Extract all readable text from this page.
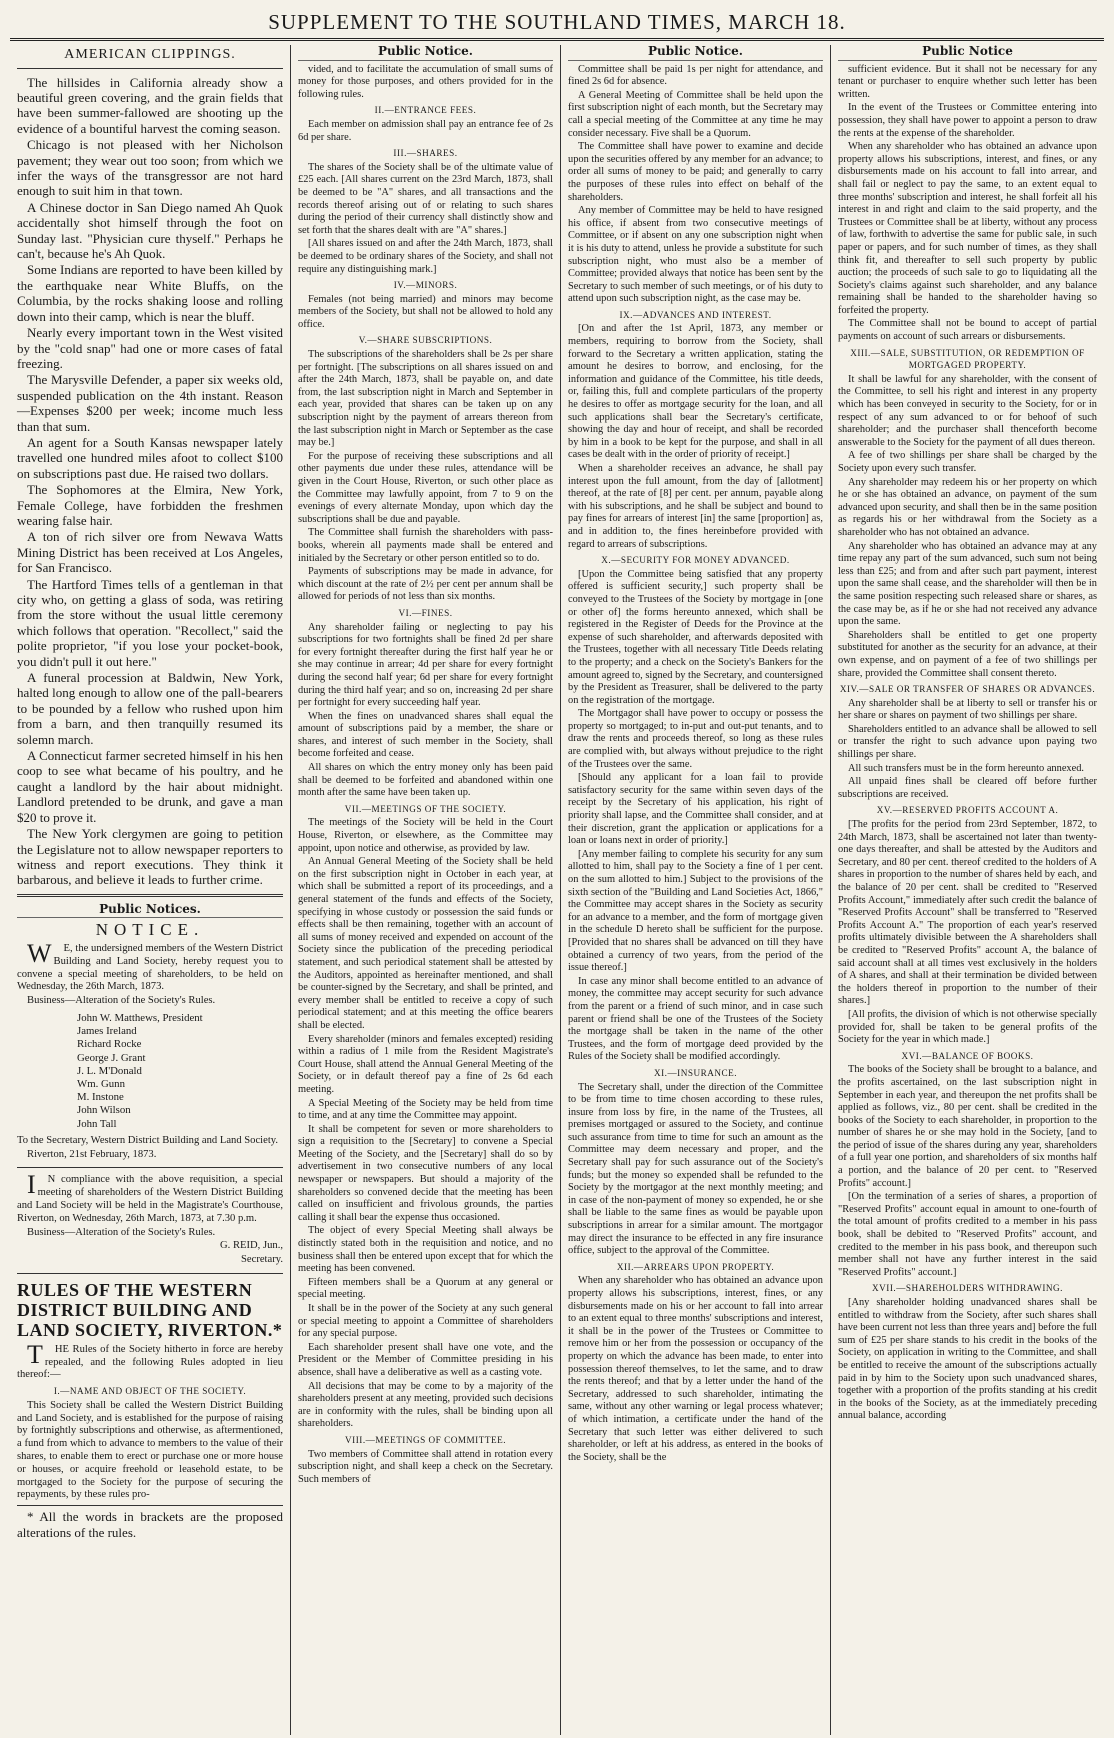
SUPPLEMENT TO THE SOUTHLAND TIMES, MARCH 18.
AMERICAN CLIPPINGS.

The hillsides in California already show a beautiful green covering, and the grain fields that have been summer-fallowed are shooting up the evidence of a bountiful harvest the coming season.

Chicago is not pleased with her Nicholson pavement; they wear out too soon; from which we infer the ways of the transgressor are not hard enough to suit him in that town.

A Chinese doctor in San Diego named Ah Quok accidentally shot himself through the foot on Sunday last. "Physician cure thyself." Perhaps he can't, because he's Ah Quok.

Some Indians are reported to have been killed by the earthquake near White Bluffs, on the Columbia, by the rocks shaking loose and rolling down into their camp, which is near the bluff.

Nearly every important town in the West visited by the "cold snap" had one or more cases of fatal freezing.

The Marysville Defender, a paper six weeks old, suspended publication on the 4th instant. Reason—Expenses $200 per week; income much less than that sum.

An agent for a South Kansas newspaper lately travelled one hundred miles afoot to collect $100 on subscriptions past due. He raised two dollars.

The Sophomores at the Elmira, New York, Female College, have forbidden the freshmen wearing false hair.

A ton of rich silver ore from Newava Watts Mining District has been received at Los Angeles, for San Francisco.

The Hartford Times tells of a gentleman in that city who, on getting a glass of soda, was retiring from the store without the usual little ceremony which follows that operation. "Recollect," said the polite proprietor, "if you lose your pocket-book, you didn't pull it out here."

A funeral procession at Baldwin, New York, halted long enough to allow one of the pall-bearers to be pounded by a fellow who rushed upon him from a barn, and then tranquilly resumed its solemn march.

A Connecticut farmer secreted himself in his hen coop to see what became of his poultry, and he caught a landlord by the hair about midnight. Landlord pretended to be drunk, and gave a man $20 to prove it.

The New York clergymen are going to petition the Legislature not to allow newspaper reporters to witness and report executions. They think it barbarous, and believe it leads to further crime.

Public Notices.
NOTICE.

WE, the undersigned members of the Western District Building and Land Society, hereby request you to convene a special meeting of shareholders, to be held on Wednesday, the 26th March, 1873.

Business—Alteration of the Society's Rules.

John W. Matthews, President
James Ireland
Richard Rocke
George J. Grant
J. L. M'Donald
Wm. Gunn
M. Instone
John Wilson
John Tall

To the Secretary, Western District Building and Land Society.

Riverton, 21st February, 1873.

IN compliance with the above requisition, a special meeting of shareholders of the Western District Building and Land Society will be held in the Magistrate's Courthouse, Riverton, on Wednesday, 26th March, 1873, at 7.30 p.m.

Business—Alteration of the Society's Rules.

G. REID, Jun.,

Secretary.

RULES OF THE WESTERN DISTRICT BUILDING AND LAND SOCIETY, RIVERTON.*

THE Rules of the Society hitherto in force are hereby repealed, and the following Rules adopted in lieu thereof:—

I.—NAME AND OBJECT OF THE SOCIETY.

This Society shall be called the Western District Building and Land Society, and is established for the purpose of raising by fortnightly subscriptions and otherwise, as aftermentioned, a fund from which to advance to members to the value of their shares, to enable them to erect or purchase one or more house or houses, or acquire freehold or leasehold estate, to be mortgaged to the Society for the purpose of securing the repayments, by these rules pro-

* All the words in brackets are the proposed alterations of the rules.

Public Notice.

vided, and to facilitate the accumulation of small sums of money for those purposes, and others provided for in the following rules.

II.—ENTRANCE FEES.

Each member on admission shall pay an entrance fee of 2s 6d per share.

III.—SHARES.

The shares of the Society shall be of the ultimate value of £25 each. [All shares current on the 23rd March, 1873, shall be deemed to be "A" shares, and all transactions and the records thereof arising out of or relating to such shares during the period of their currency shall distinctly show and set forth that the shares dealt with are "A" shares.]

[All shares issued on and after the 24th March, 1873, shall be deemed to be ordinary shares of the Society, and shall not require any distinguishing mark.]

IV.—MINORS.

Females (not being married) and minors may become members of the Society, but shall not be allowed to hold any office.

V.—SHARE SUBSCRIPTIONS.

The subscriptions of the shareholders shall be 2s per share per fortnight. [The subscriptions on all shares issued on and after the 24th March, 1873, shall be payable on, and date from, the last subscription night in March and September in each year, provided that shares can be taken up on any subscription night by the payment of arrears thereon from the last subscription night in March or September as the case may be.]

For the purpose of receiving these subscriptions and all other payments due under these rules, attendance will be given in the Court House, Riverton, or such other place as the Committee may lawfully appoint, from 7 to 9 on the evenings of every alternate Monday, upon which day the subscriptions shall be due and payable.

The Committee shall furnish the shareholders with pass-books, wherein all payments made shall be entered and initialed by the Secretary or other person entitled so to do.

Payments of subscriptions may be made in advance, for which discount at the rate of 2½ per cent per annum shall be allowed for periods of not less than six months.

VI.—FINES.

Any shareholder failing or neglecting to pay his subscriptions for two fortnights shall be fined 2d per share for every fortnight thereafter during the first half year he or she may continue in arrear; 4d per share for every fortnight during the second half year; 6d per share for every fortnight during the third half year; and so on, increasing 2d per share per fortnight for every succeeding half year.

When the fines on unadvanced shares shall equal the amount of subscriptions paid by a member, the share or shares, and interest of such member in the Society, shall become forfeited and cease.

All shares on which the entry money only has been paid shall be deemed to be forfeited and abandoned within one month after the same have been taken up.

VII.—MEETINGS OF THE SOCIETY.

The meetings of the Society will be held in the Court House, Riverton, or elsewhere, as the Committee may appoint, upon notice and otherwise, as provided by law.

An Annual General Meeting of the Society shall be held on the first subscription night in October in each year, at which shall be submitted a report of its proceedings, and a general statement of the funds and effects of the Society, specifying in whose custody or possession the said funds or effects shall be then remaining, together with an account of all sums of money received and expended on account of the Society since the publication of the preceding periodical statement, and such periodical statement shall be attested by the Auditors, appointed as hereinafter mentioned, and shall be counter-signed by the Secretary, and shall be printed, and every member shall be entitled to receive a copy of such periodical statement; and at this meeting the office bearers shall be elected.

Every shareholder (minors and females excepted) residing within a radius of 1 mile from the Resident Magistrate's Court House, shall attend the Annual General Meeting of the Society, or in default thereof pay a fine of 2s 6d each meeting.

A Special Meeting of the Society may be held from time to time, and at any time the Committee may appoint.

It shall be competent for seven or more shareholders to sign a requisition to the [Secretary] to convene a Special Meeting of the Society, and the [Secretary] shall do so by advertisement in two consecutive numbers of any local newspaper or newspapers. But should a majority of the shareholders so convened decide that the meeting has been called on insufficient and frivolous grounds, the parties calling it shall bear the expense thus occasioned.

The object of every Special Meeting shall always be distinctly stated both in the requisition and notice, and no business shall then be entered upon except that for which the meeting has been convened.

Fifteen members shall be a Quorum at any general or special meeting.

It shall be in the power of the Society at any such general or special meeting to appoint a Committee of shareholders for any special purpose.

Each shareholder present shall have one vote, and the President or the Member of Committee presiding in his absence, shall have a deliberative as well as a casting vote.

All decisions that may be come to by a majority of the shareholders present at any meeting, provided such decisions are in conformity with the rules, shall be binding upon all shareholders.

VIII.—MEETINGS OF COMMITTEE.

Two members of Committee shall attend in rotation every subscription night, and shall keep a check on the Secretary. Such members of

Public Notice.

Committee shall be paid 1s per night for attendance, and fined 2s 6d for absence.

A General Meeting of Committee shall be held upon the first subscription night of each month, but the Secretary may call a special meeting of the Committee at any time he may consider necessary. Five shall be a Quorum.

The Committee shall have power to examine and decide upon the securities offered by any member for an advance; to order all sums of money to be paid; and generally to carry the purposes of these rules into effect on behalf of the shareholders.

Any member of Committee may be held to have resigned his office, if absent from two consecutive meetings of Committee, or if absent on any one subscription night when it is his duty to attend, unless he provide a substitute for such subscription night, who must also be a member of Committee; provided always that notice has been sent by the Secretary to such member of such meetings, or of his duty to attend upon such subscription night, as the case may be.

IX.—ADVANCES AND INTEREST.

[On and after the 1st April, 1873, any member or members, requiring to borrow from the Society, shall forward to the Secretary a written application, stating the amount he desires to borrow, and enclosing, for the information and guidance of the Committee, his title deeds, or, failing this, full and complete particulars of the property he desires to offer as mortgage security for the loan, and all such applications shall bear the Secretary's certificate, showing the day and hour of receipt, and shall be recorded by him in a book to be kept for the purpose, and shall in all cases be dealt with in the order of priority of receipt.]

When a shareholder receives an advance, he shall pay interest upon the full amount, from the day of [allotment] thereof, at the rate of [8] per cent. per annum, payable along with his subscriptions, and he shall be subject and bound to pay fines for arrears of interest [in] the same [proportion] as, and in addition to, the fines hereinbefore provided with regard to arrears of subscriptions.

X.—SECURITY FOR MONEY ADVANCED.

[Upon the Committee being satisfied that any property offered is sufficient security,] such property shall be conveyed to the Trustees of the Society by mortgage in [one or other of] the forms hereunto annexed, which shall be registered in the Register of Deeds for the Province at the expense of such shareholder, and afterwards deposited with the Trustees, together with all necessary Title Deeds relating to the property; and a check on the Society's Bankers for the amount agreed to, signed by the Secretary, and countersigned by the President as Treasurer, shall be delivered to the party on the registration of the mortgage.

The Mortgagor shall have power to occupy or possess the property so mortgaged; to in-put and out-put tenants, and to draw the rents and proceeds thereof, so long as these rules are complied with, but always without prejudice to the right of the Trustees over the same.

[Should any applicant for a loan fail to provide satisfactory security for the same within seven days of the receipt by the Secretary of his application, his right of priority shall lapse, and the Committee shall consider, and at their discretion, grant the application or applications for a loan or loans next in order of priority.]

[Any member failing to complete his security for any sum allotted to him, shall pay to the Society a fine of 1 per cent. on the sum allotted to him.] Subject to the provisions of the sixth section of the "Building and Land Societies Act, 1866," the Committee may accept shares in the Society as security for an advance to a member, and the form of mortgage given in the schedule D hereto shall be sufficient for the purpose. [Provided that no shares shall be advanced on till they have obtained a currency of two years, from the period of the issue thereof.]

In case any minor shall become entitled to an advance of money, the committee may accept security for such advance from the parent or a friend of such minor, and in case such parent or friend shall be one of the Trustees of the Society the mortgage shall be taken in the name of the other Trustees, and the form of mortgage deed provided by the Rules of the Society shall be modified accordingly.

XI.—INSURANCE.

The Secretary shall, under the direction of the Committee to be from time to time chosen according to these rules, insure from loss by fire, in the name of the Trustees, all premises mortgaged or assured to the Society, and continue such assurance from time to time for such an amount as the Committee may deem necessary and proper, and the Secretary shall pay for such assurance out of the Society's funds; but the money so expended shall be refunded to the Society by the mortgagor at the next monthly meeting; and in case of the non-payment of money so expended, he or she shall be liable to the same fines as would be payable upon subscriptions in arrear for a similar amount. The mortgagor may direct the insurance to be effected in any fire insurance office, subject to the approval of the Committee.

XII.—ARREARS UPON PROPERTY.

When any shareholder who has obtained an advance upon property allows his subscriptions, interest, fines, or any disbursements made on his or her account to fall into arrear to an extent equal to three months' subscriptions and interest, it shall be in the power of the Trustees or Committee to remove him or her from the possession or occupancy of the property on which the advance has been made, to enter into possession thereof themselves, to let the same, and to draw the rents thereof; and that by a letter under the hand of the Secretary, addressed to such shareholder, intimating the same, without any other warning or legal process whatever; of which intimation, a certificate under the hand of the Secretary that such letter was either delivered to such shareholder, or left at his address, as entered in the books of the Society, shall be the

Public Notice

sufficient evidence. But it shall not be necessary for any tenant or purchaser to enquire whether such letter has been written.

In the event of the Trustees or Committee entering into possession, they shall have power to appoint a person to draw the rents at the expense of the shareholder.

When any shareholder who has obtained an advance upon property allows his subscriptions, interest, and fines, or any disbursements made on his account to fall into arrear, and shall fail or neglect to pay the same, to an extent equal to three months' subscription and interest, he shall forfeit all his interest in and right and claim to the said property, and the Trustees or Committee shall be at liberty, without any process of law, forthwith to advertise the same for public sale, in such paper or papers, and for such number of times, as they shall think fit, and thereafter to sell such property by public auction; the proceeds of such sale to go to liquidating all the Society's claims against such shareholder, and any balance remaining shall be handed to the shareholder having so forfeited the property.

The Committee shall not be bound to accept of partial payments on account of such arrears or disbursements.

XIII.—SALE, SUBSTITUTION, OR REDEMPTION OF MORTGAGED PROPERTY.

It shall be lawful for any shareholder, with the consent of the Committee, to sell his right and interest in any property which has been conveyed in security to the Society, for or in respect of any sum advanced to or for behoof of such shareholder; and the purchaser shall thenceforth become answerable to the Society for the payment of all dues thereon.

A fee of two shillings per share shall be charged by the Society upon every such transfer.

Any shareholder may redeem his or her property on which he or she has obtained an advance, on payment of the sum advanced upon security, and shall then be in the same position as regards his or her withdrawal from the Society as a shareholder who has not obtained an advance.

Any shareholder who has obtained an advance may at any time repay any part of the sum advanced, such sum not being less than £25; and from and after such part payment, interest upon the same shall cease, and the shareholder will then be in the same position respecting such released share or shares, as the case may be, as if he or she had not received any advance upon the same.

Shareholders shall be entitled to get one property substituted for another as the security for an advance, at their own expense, and on payment of a fee of two shillings per share, provided the Committee shall consent thereto.

XIV.—SALE OR TRANSFER OF SHARES OR ADVANCES.

Any shareholder shall be at liberty to sell or transfer his or her share or shares on payment of two shillings per share.

Shareholders entitled to an advance shall be allowed to sell or transfer the right to such advance upon paying two shillings per share.

All such transfers must be in the form hereunto annexed.

All unpaid fines shall be cleared off before further subscriptions are received.

XV.—RESERVED PROFITS ACCOUNT A.

[The profits for the period from 23rd September, 1872, to 24th March, 1873, shall be ascertained not later than twenty-one days thereafter, and shall be attested by the Auditors and Secretary, and 80 per cent. thereof credited to the holders of A shares in proportion to the number of shares held by each, and the balance of 20 per cent. shall be credited to "Reserved Profits Account," immediately after such credit the balance of "Reserved Profits Account" shall be transferred to "Reserved Profits Account A." The proportion of each year's reserved profits ultimately divisible between the A shareholders shall be credited to "Reserved Profits" account A, the balance of said account shall at all times vest exclusively in the holders of A shares, and shall at their termination be divided between the holders thereof in proportion to the number of their shares.]

[All profits, the division of which is not otherwise specially provided for, shall be taken to be general profits of the Society for the year in which made.]

XVI.—BALANCE OF BOOKS.

The books of the Society shall be brought to a balance, and the profits ascertained, on the last subscription night in September in each year, and thereupon the net profits shall be applied as follows, viz., 80 per cent. shall be credited in the books of the Society to each shareholder, in proportion to the number of shares he or she may hold in the Society, [and to the period of issue of the shares during any year, shareholders of a full year one portion, and shareholders of six months half a portion, and the balance of 20 per cent. to "Reserved Profits" account.]

[On the termination of a series of shares, a proportion of "Reserved Profits" account equal in amount to one-fourth of the total amount of profits credited to a member in his pass book, shall be debited to "Reserved Profits" account, and credited to the member in his pass book, and thereupon such member shall not have any further interest in the said "Reserved Profits" account.]

XVII.—SHAREHOLDERS WITHDRAWING.

[Any shareholder holding unadvanced shares shall be entitled to withdraw from the Society, after such shares shall have been current not less than three years and] before the full sum of £25 per share stands to his credit in the books of the Society, on application in writing to the Committee, and shall be entitled to receive the amount of the subscriptions actually paid in by him to the Society upon such unadvanced shares, together with a proportion of the profits standing at his credit in the books of the Society, as at the immediately preceding annual balance, according
